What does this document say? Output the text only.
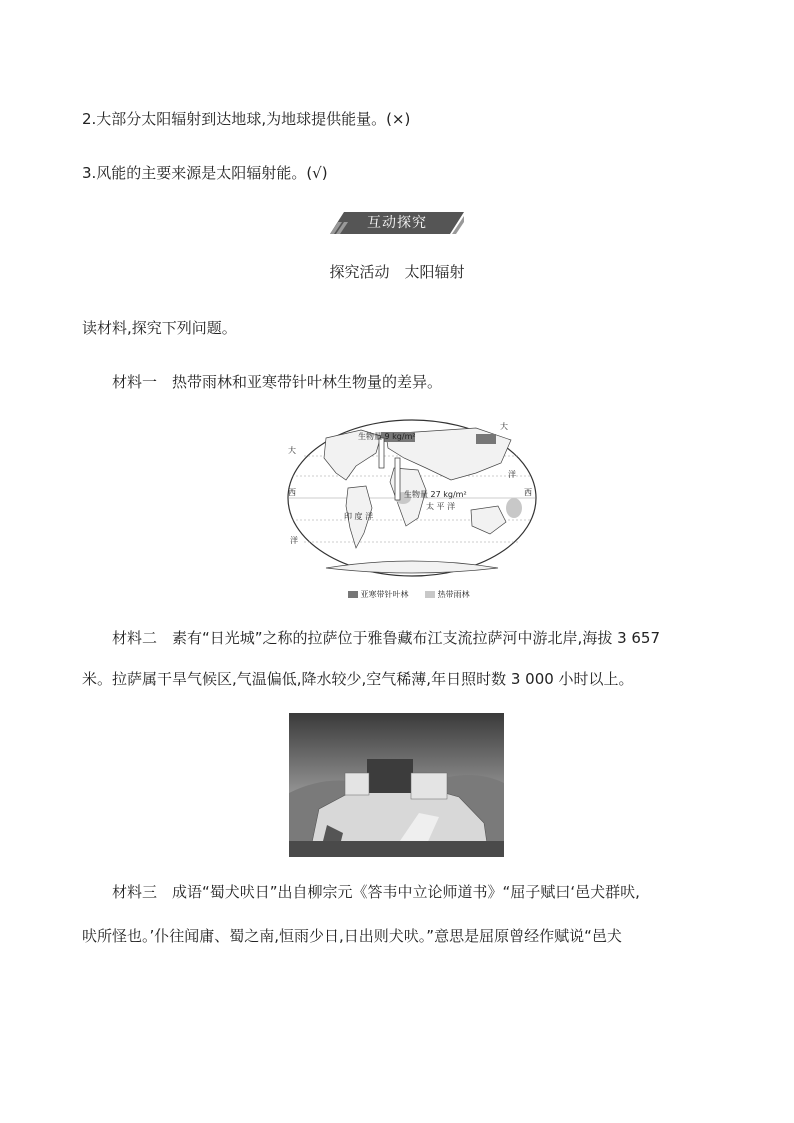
2.大部分太阳辐射到达地球,为地球提供能量。(×)
3.风能的主要来源是太阳辐射能。(√)
互动探究
探究活动　太阳辐射
读材料,探究下列问题。
材料一　热带雨林和亚寒带针叶林生物量的差异。
大
西
洋
印 度 洋
太 平 洋
大
洋
西
生物量 9 kg/m²
生物量 27 kg/m²
亚寒带针叶林	热带雨林
材料二　素有“日光城”之称的拉萨位于雅鲁藏布江支流拉萨河中游北岸,海拔 3 657
米。拉萨属干旱气候区,气温偏低,降水较少,空气稀薄,年日照时数 3 000 小时以上。
材料三　成语“蜀犬吠日”出自柳宗元《答韦中立论师道书》“屈子赋曰‘邑犬群吠,
吠所怪也。’仆往闻庸、蜀之南,恒雨少日,日出则犬吠。”意思是屈原曾经作赋说“邑犬
